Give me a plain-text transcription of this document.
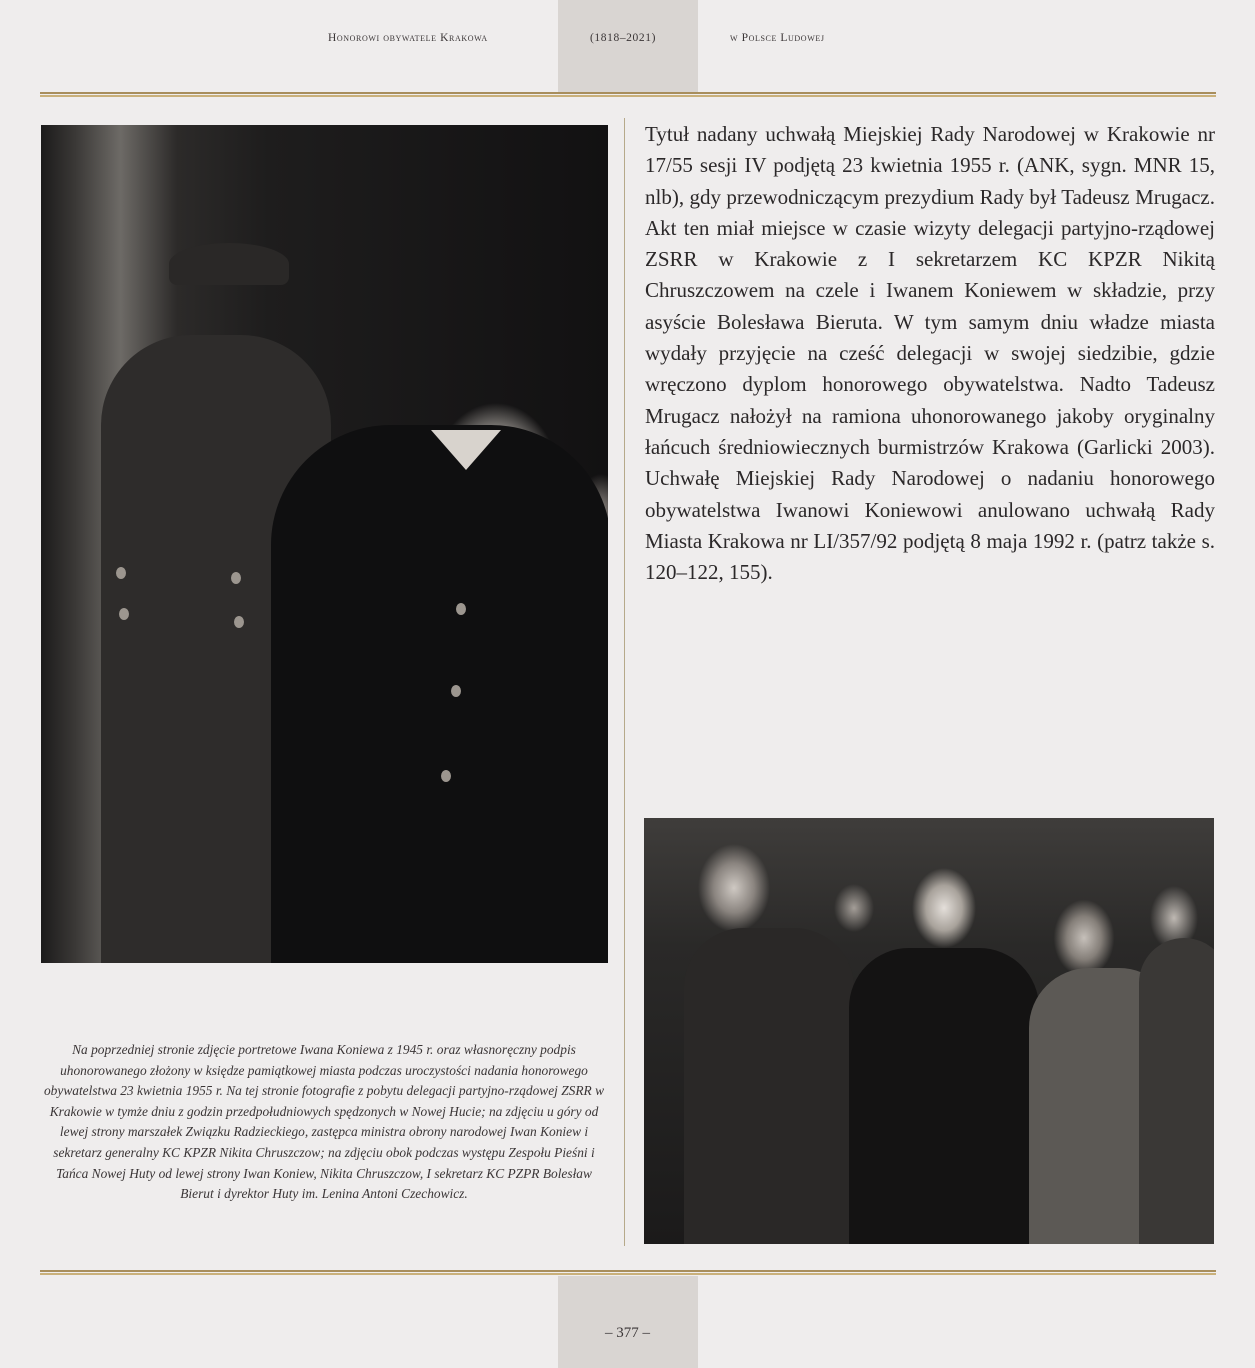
Honorowi obywatele Krakowa	(1818–2021)	w Polsce Ludowej

Tytuł nadany uchwałą Miejskiej Rady Narodowej w Krakowie nr 17/55 sesji IV podjętą 23 kwietnia 1955 r. (ANK, sygn. MNR 15, nlb), gdy przewodniczącym prezydium Rady był Tadeusz Mrugacz. Akt ten miał miejsce w czasie wizyty delegacji partyjno-rządowej ZSRR w Krakowie z I sekretarzem KC KPZR Nikitą Chruszczowem na czele i Iwanem Koniewem w składzie, przy asyście Bolesława Bieruta. W tym samym dniu władze miasta wydały przyjęcie na cześć delegacji w swojej siedzibie, gdzie wręczono dyplom honorowego obywatelstwa. Nadto Tadeusz Mrugacz nałożył na ramiona uhonorowanego jakoby oryginalny łańcuch średniowiecznych burmistrzów Krakowa (Garlicki 2003). Uchwałę Miejskiej Rady Narodowej o nadaniu honorowego obywatelstwa Iwanowi Koniewowi anulowano uchwałą Rady Miasta Krakowa nr LI/357/92 podjętą 8 maja 1992 r. (patrz także s. 120–122, 155).

Na poprzedniej stronie zdjęcie portretowe Iwana Koniewa z 1945 r. oraz własnoręczny podpis uhonorowanego złożony w księdze pamiątkowej miasta podczas uroczystości nadania honorowego obywatelstwa 23 kwietnia 1955 r. Na tej stronie fotografie z pobytu delegacji partyjno-rządowej ZSRR w Krakowie w tymże dniu z godzin przedpołudniowych spędzonych w Nowej Hucie; na zdjęciu u góry od lewej strony marszałek Związku Radzieckiego, zastępca ministra obrony narodowej Iwan Koniew i sekretarz generalny KC KPZR Nikita Chruszczow; na zdjęciu obok podczas występu Zespołu Pieśni i Tańca Nowej Huty od lewej strony Iwan Koniew, Nikita Chruszczow, I sekretarz KC PZPR Bolesław Bierut i dyrektor Huty im. Lenina Antoni Czechowicz.

– 377 –
